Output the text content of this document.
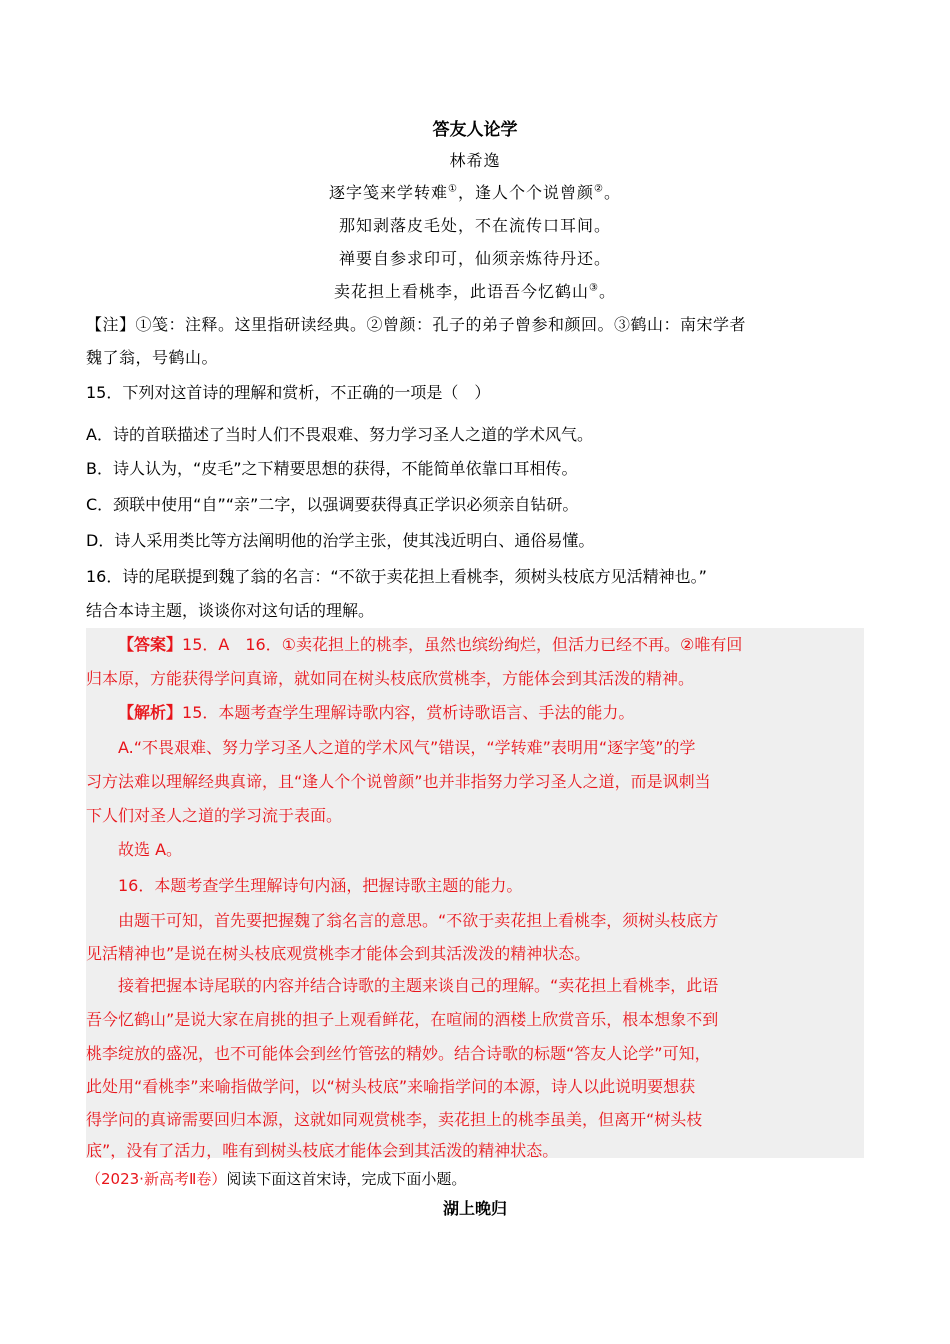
答友人论学
林希逸
逐字笺来学转难①，逢人个个说曾颜②。
那知剥落皮毛处，不在流传口耳间。
禅要自参求印可，仙须亲炼待丹还。
卖花担上看桃李，此语吾今忆鹤山③。
【注】①笺：注释。这里指研读经典。②曾颜：孔子的弟子曾参和颜回。③鹤山：南宋学者
魏了翁，号鹤山。
15．下列对这首诗的理解和赏析，不正确的一项是（　）
A．诗的首联描述了当时人们不畏艰难、努力学习圣人之道的学术风气。
B．诗人认为，“皮毛”之下精要思想的获得，不能简单依靠口耳相传。
C．颈联中使用“自”“亲”二字，以强调要获得真正学识必须亲自钻研。
D．诗人采用类比等方法阐明他的治学主张，使其浅近明白、通俗易懂。
16．诗的尾联提到魏了翁的名言：“不欲于卖花担上看桃李，须树头枝底方见活精神也。”
结合本诗主题，谈谈你对这句话的理解。
【答案】15．A　16．①卖花担上的桃李，虽然也缤纷绚烂，但活力已经不再。②唯有回
归本原，方能获得学问真谛，就如同在树头枝底欣赏桃李，方能体会到其活泼的精神。
【解析】15．本题考查学生理解诗歌内容，赏析诗歌语言、手法的能力。
A.“不畏艰难、努力学习圣人之道的学术风气”错误，“学转难”表明用“逐字笺”的学
习方法难以理解经典真谛，且“逢人个个说曾颜”也并非指努力学习圣人之道，而是讽刺当
下人们对圣人之道的学习流于表面。
故选 A。
16．本题考查学生理解诗句内涵，把握诗歌主题的能力。
由题干可知，首先要把握魏了翁名言的意思。“不欲于卖花担上看桃李，须树头枝底方
见活精神也”是说在树头枝底观赏桃李才能体会到其活泼泼的精神状态。
接着把握本诗尾联的内容并结合诗歌的主题来谈自己的理解。“卖花担上看桃李，此语
吾今忆鹤山”是说大家在肩挑的担子上观看鲜花，在喧闹的酒楼上欣赏音乐，根本想象不到
桃李绽放的盛况，也不可能体会到丝竹管弦的精妙。结合诗歌的标题“答友人论学”可知，
此处用“看桃李”来喻指做学问，以“树头枝底”来喻指学问的本源，诗人以此说明要想获
得学问的真谛需要回归本源，这就如同观赏桃李，卖花担上的桃李虽美，但离开“树头枝
底”，没有了活力，唯有到树头枝底才能体会到其活泼的精神状态。
（2023·新高考Ⅱ卷）阅读下面这首宋诗，完成下面小题。
湖上晚归
